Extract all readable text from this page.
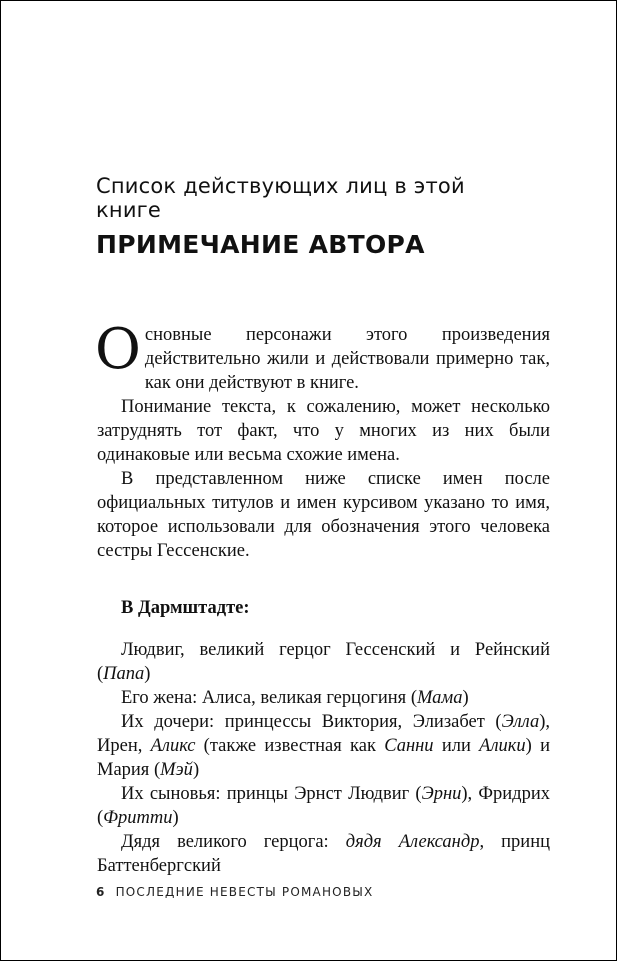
Список действующих лиц в этой книге

ПРИМЕЧАНИЕ АВТОРА

Основные персонажи этого произведения действительно жили и действовали примерно так, как они действуют в книге.

Понимание текста, к сожалению, может несколько затруднять тот факт, что у многих из них были одинаковые или весьма схожие имена.

В представленном ниже списке имен после официальных титулов и имен курсивом указано то имя, которое использовали для обозначения этого человека сестры Гессенские.

В Дармштадте:

Людвиг, великий герцог Гессенский и Рейнский (Папа)

Его жена: Алиса, великая герцогиня (Мама)

Их дочери: принцессы Виктория, Элизабет (Элла), Ирен, Аликс (также известная как Санни или Алики) и Мария (Мэй)

Их сыновья: принцы Эрнст Людвиг (Эрни), Фридрих (Фритти)

Дядя великого герцога: дядя Александр, принц Баттенбергский

6 ПОСЛЕДНИЕ НЕВЕСТЫ РОМАНОВЫХ
